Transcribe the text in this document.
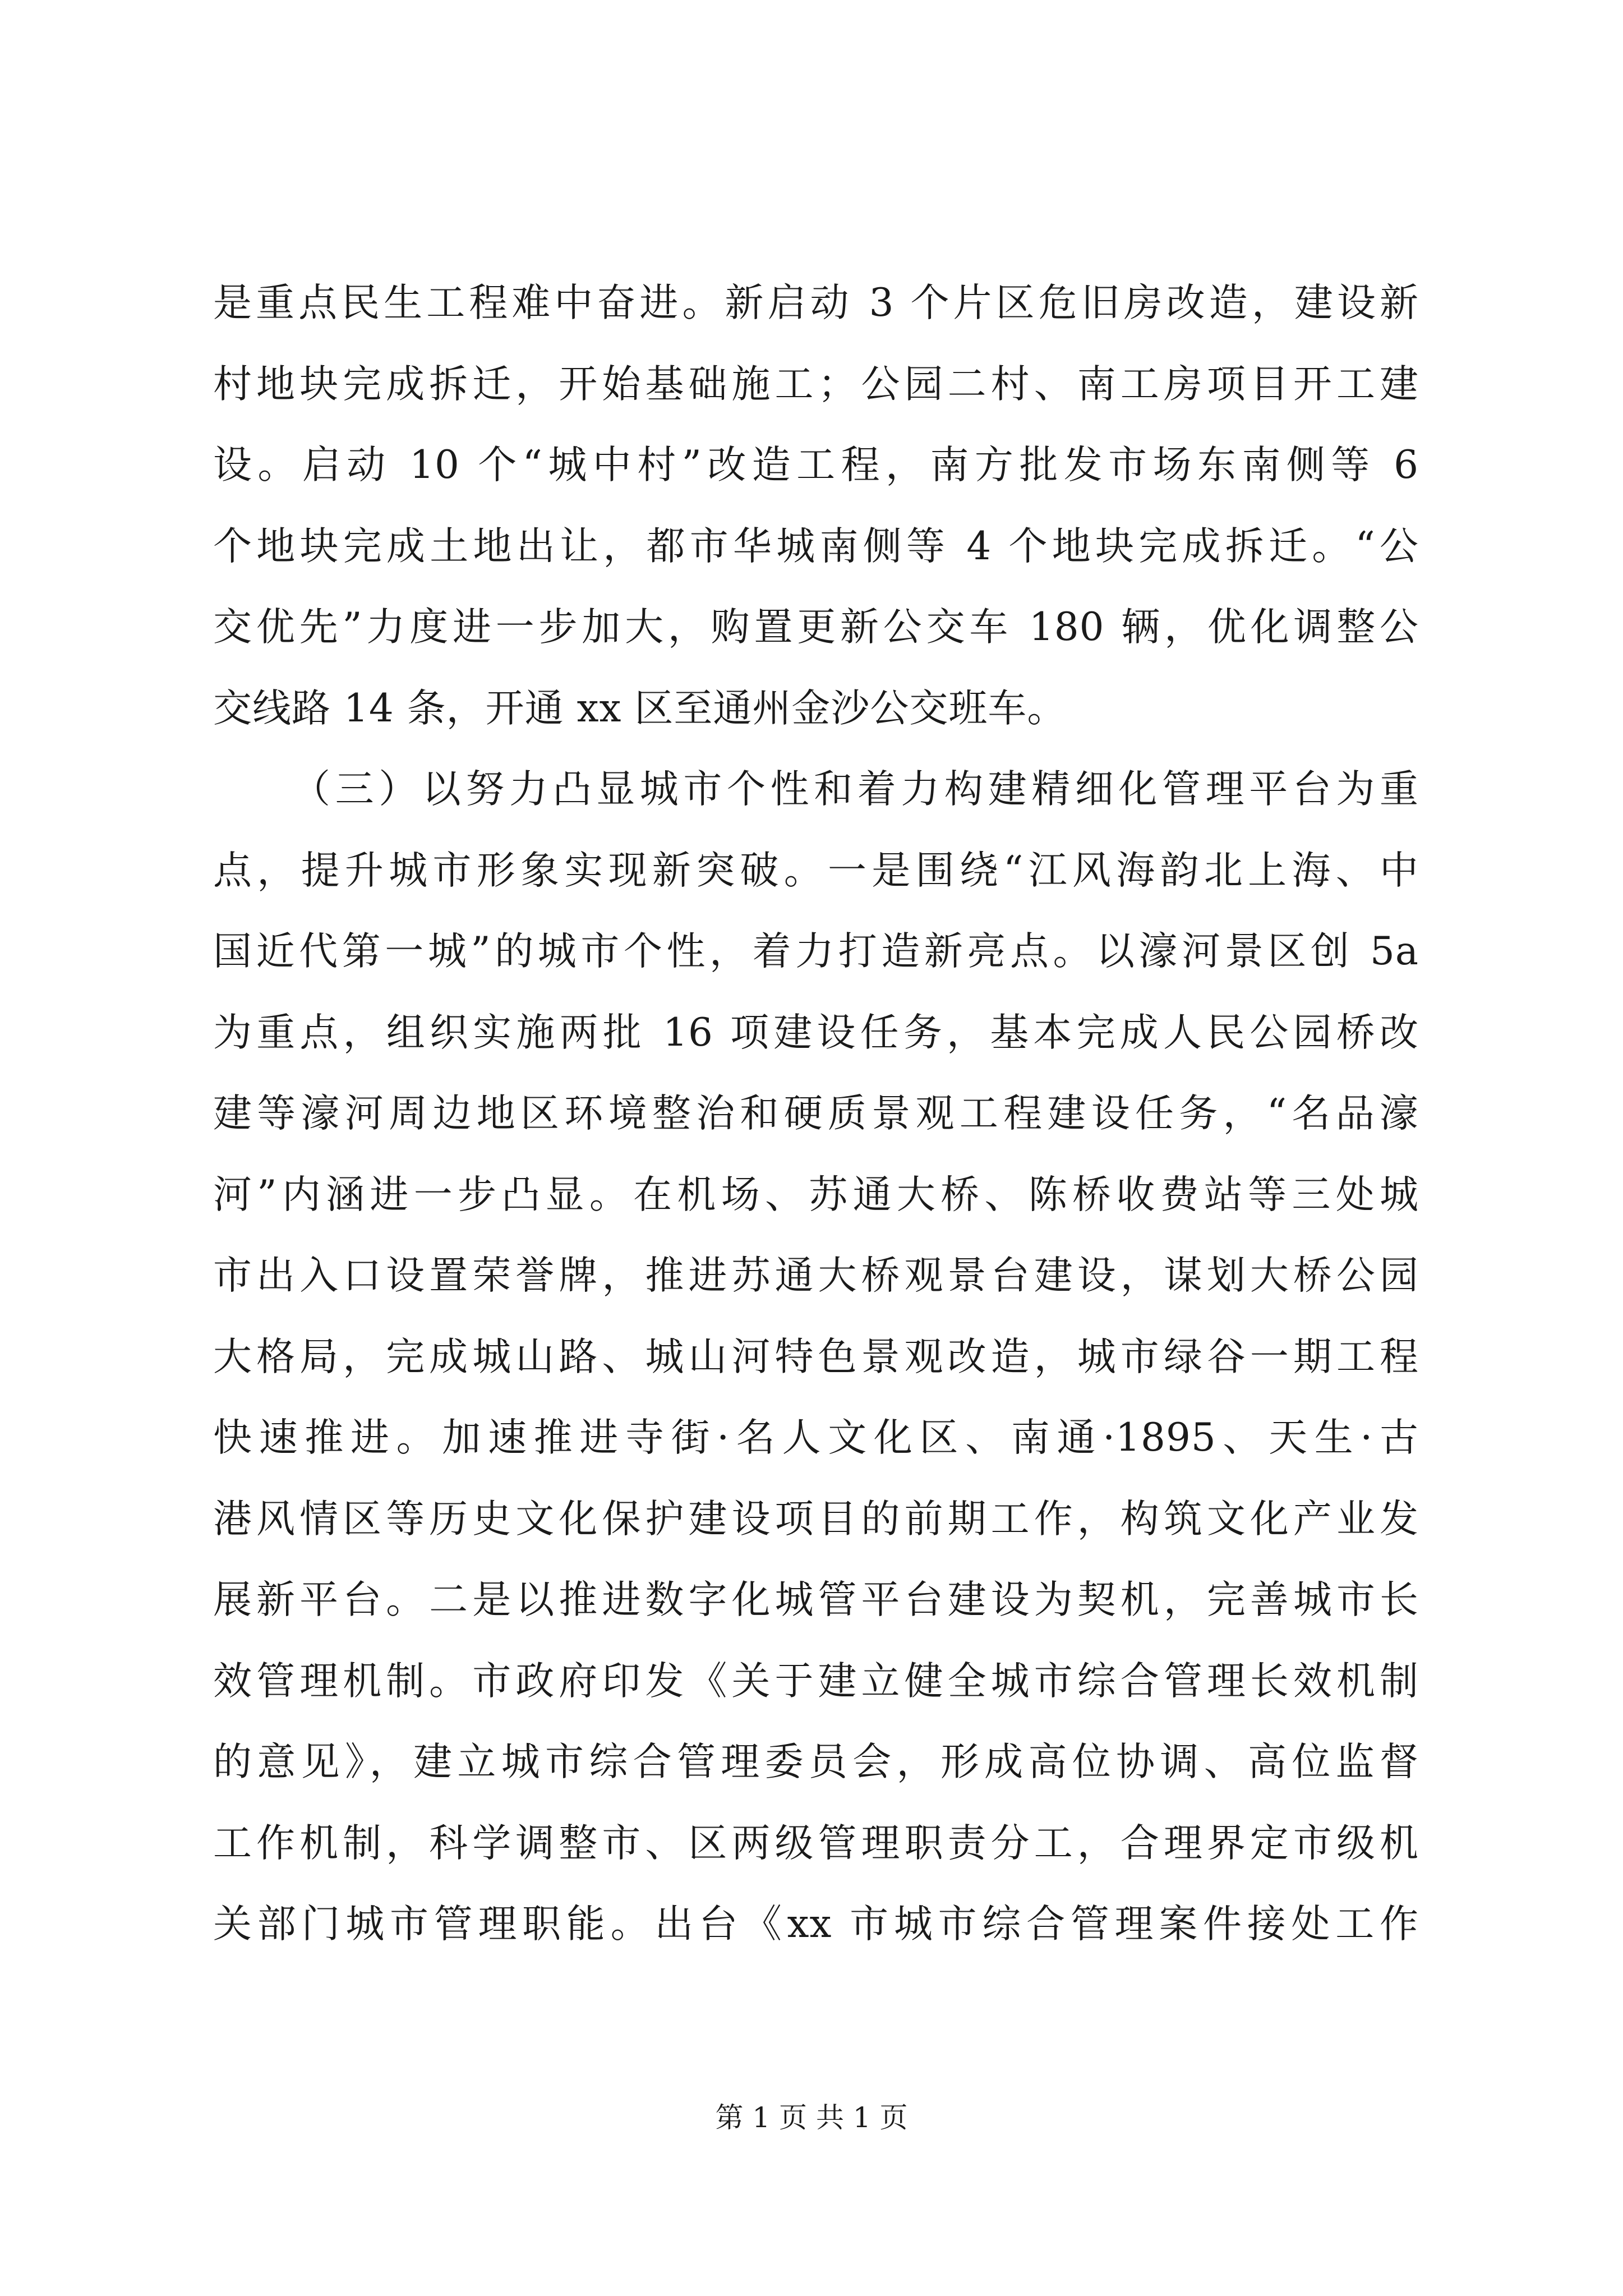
是重点民生工程难中奋进。新启动 3 个片区危旧房改造，建设新
村地块完成拆迁，开始基础施工；公园二村、南工房项目开工建
设。启动 10 个“城中村”改造工程，南方批发市场东南侧等 6
个地块完成土地出让，都市华城南侧等 4 个地块完成拆迁。“公
交优先”力度进一步加大，购置更新公交车 180 辆，优化调整公
交线路 14 条，开通 xx 区至通州金沙公交班车。
（三）以努力凸显城市个性和着力构建精细化管理平台为重
点，提升城市形象实现新突破。一是围绕“江风海韵北上海、中
国近代第一城”的城市个性，着力打造新亮点。以濠河景区创 5a
为重点，组织实施两批 16 项建设任务，基本完成人民公园桥改
建等濠河周边地区环境整治和硬质景观工程建设任务，“名品濠
河”内涵进一步凸显。在机场、苏通大桥、陈桥收费站等三处城
市出入口设置荣誉牌，推进苏通大桥观景台建设，谋划大桥公园
大格局，完成城山路、城山河特色景观改造，城市绿谷一期工程
快速推进。加速推进寺街·名人文化区、南通·1895、天生·古
港风情区等历史文化保护建设项目的前期工作，构筑文化产业发
展新平台。二是以推进数字化城管平台建设为契机，完善城市长
效管理机制。市政府印发《关于建立健全城市综合管理长效机制
的意见》，建立城市综合管理委员会，形成高位协调、高位监督
工作机制，科学调整市、区两级管理职责分工，合理界定市级机
关部门城市管理职能。出台《xx 市城市综合管理案件接处工作
第 1 页 共 1 页
